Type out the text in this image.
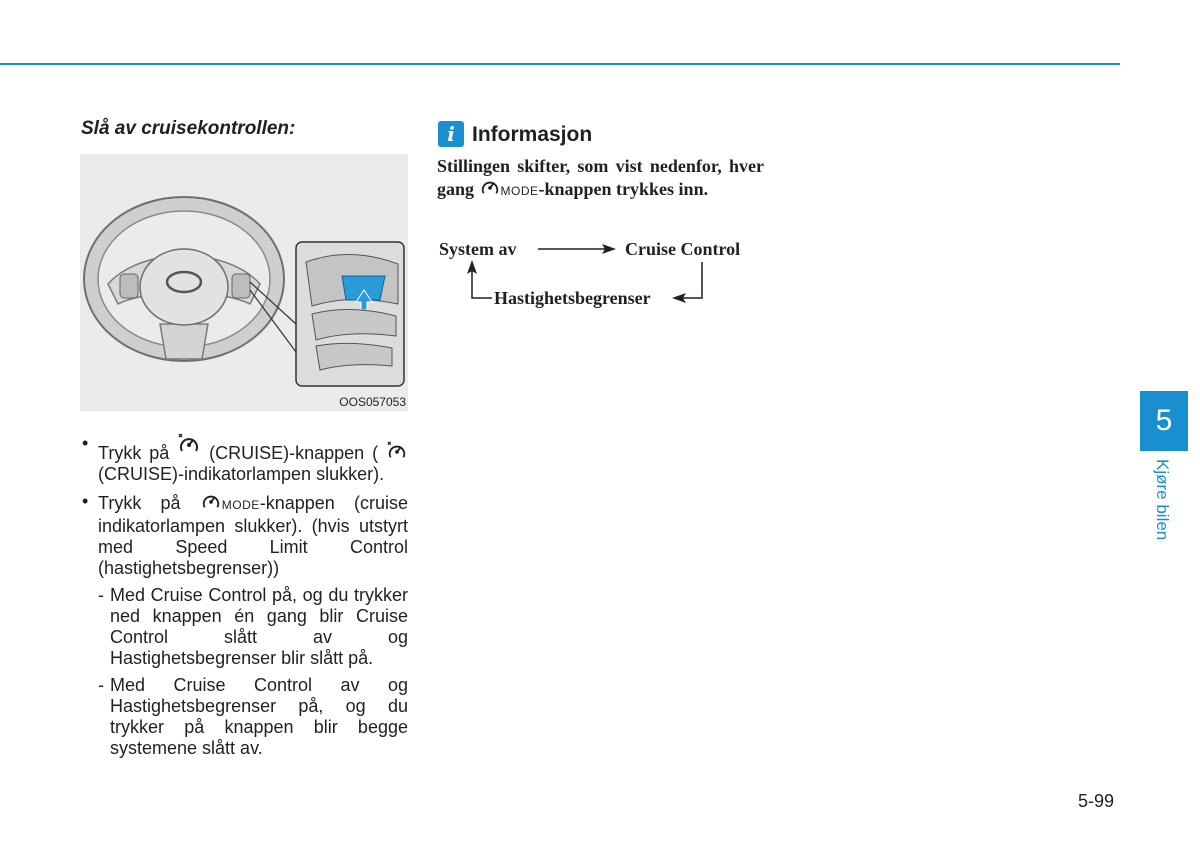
Slå av cruisekontrollen:
OOS057053
• Trykk på (CRUISE)-knappen (  (CRUISE)-indikatorlampen slukker).
• Trykk på	MODE-knappen (cruise indikatorlampen slukker). (hvis utstyrt med Speed Limit Control (hastighetsbegrenser))
- Med Cruise Control på, og du trykker ned knappen én gang blir Cruise Control slått av og Hastighetsbegrenser blir slått på.
- Med Cruise Control av og Hastighetsbegrenser på, og du trykker på knappen blir begge systemene slått av.
i Informasjon
Stillingen skifter, som vist nedenfor, hver gang MODE-knappen trykkes inn.
System av	Cruise Control
Hastighetsbegrenser
5
Kjøre bilen
5-99
